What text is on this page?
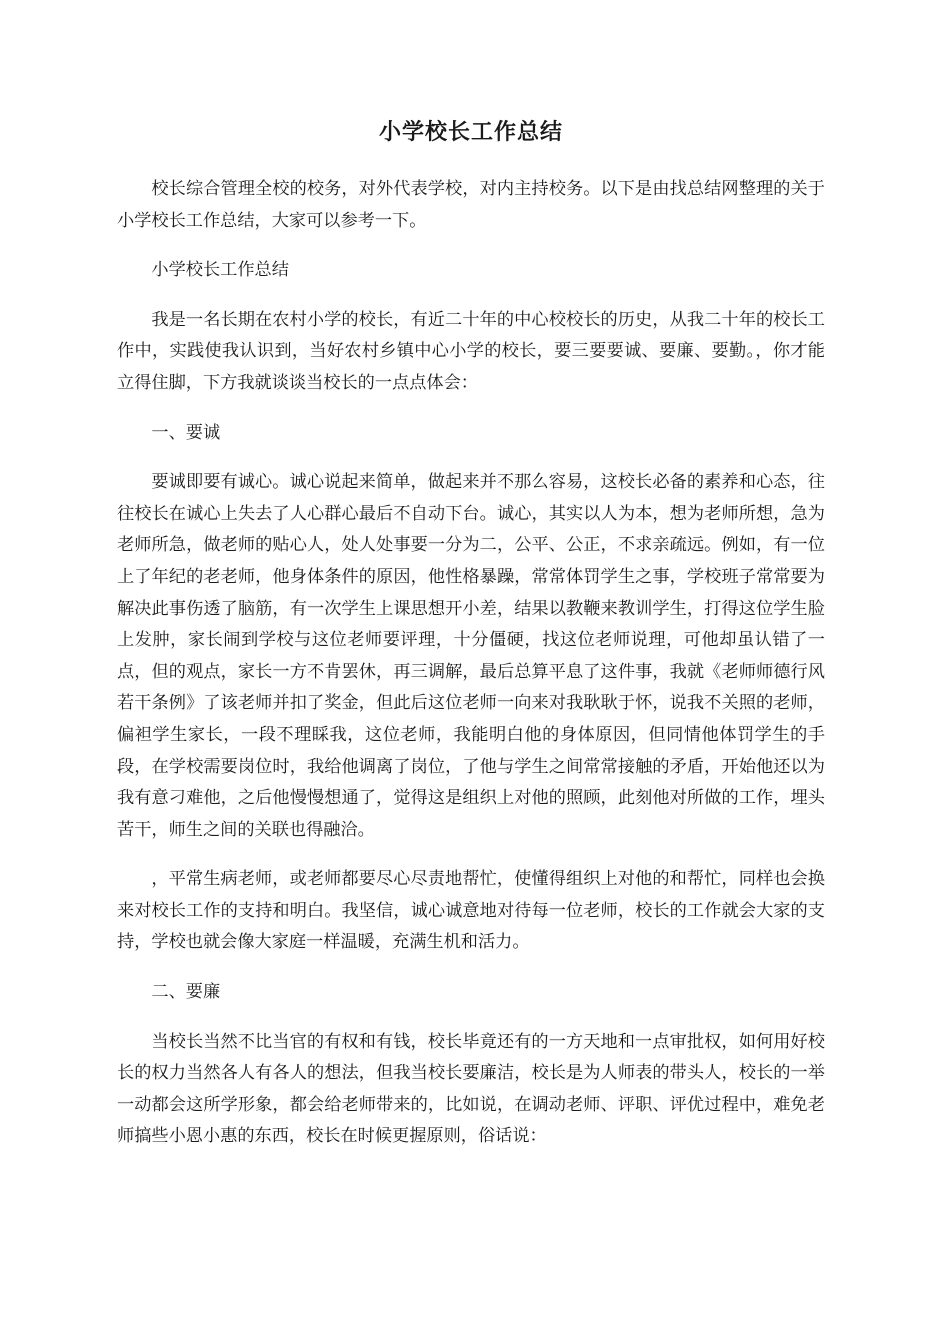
小学校长工作总结

校长综合管理全校的校务，对外代表学校，对内主持校务。以下是由找总结网整理的关于小学校长工作总结，大家可以参考一下。

小学校长工作总结

我是一名长期在农村小学的校长，有近二十年的中心校校长的历史，从我二十年的校长工作中，实践使我认识到，当好农村乡镇中心小学的校长，要三要要诚、要廉、要勤。，你才能立得住脚，下方我就谈谈当校长的一点点体会：

一、要诚

要诚即要有诚心。诚心说起来简单，做起来并不那么容易，这校长必备的素养和心态，往往校长在诚心上失去了人心群心最后不自动下台。诚心，其实以人为本，想为老师所想，急为老师所急，做老师的贴心人，处人处事要一分为二，公平、公正，不求亲疏远。例如，有一位上了年纪的老老师，他身体条件的原因，他性格暴躁，常常体罚学生之事，学校班子常常要为解决此事伤透了脑筋，有一次学生上课思想开小差，结果以教鞭来教训学生，打得这位学生脸上发肿，家长闹到学校与这位老师要评理，十分僵硬，找这位老师说理，可他却虽认错了一点，但的观点，家长一方不肯罢休，再三调解，最后总算平息了这件事，我就《老师师德行风若干条例》了该老师并扣了奖金，但此后这位老师一向来对我耿耿于怀，说我不关照的老师，偏袒学生家长，一段不理睬我，这位老师，我能明白他的身体原因，但同情他体罚学生的手段，在学校需要岗位时，我给他调离了岗位，了他与学生之间常常接触的矛盾，开始他还以为我有意刁难他，之后他慢慢想通了，觉得这是组织上对他的照顾，此刻他对所做的工作，埋头苦干，师生之间的关联也得融洽。

，平常生病老师，或老师都要尽心尽责地帮忙，使懂得组织上对他的和帮忙，同样也会换来对校长工作的支持和明白。我坚信，诚心诚意地对待每一位老师，校长的工作就会大家的支持，学校也就会像大家庭一样温暖，充满生机和活力。

二、要廉

当校长当然不比当官的有权和有钱，校长毕竟还有的一方天地和一点审批权，如何用好校长的权力当然各人有各人的想法，但我当校长要廉洁，校长是为人师表的带头人，校长的一举一动都会这所学形象，都会给老师带来的，比如说，在调动老师、评职、评优过程中，难免老师搞些小恩小惠的东西，校长在时候更握原则，俗话说：
